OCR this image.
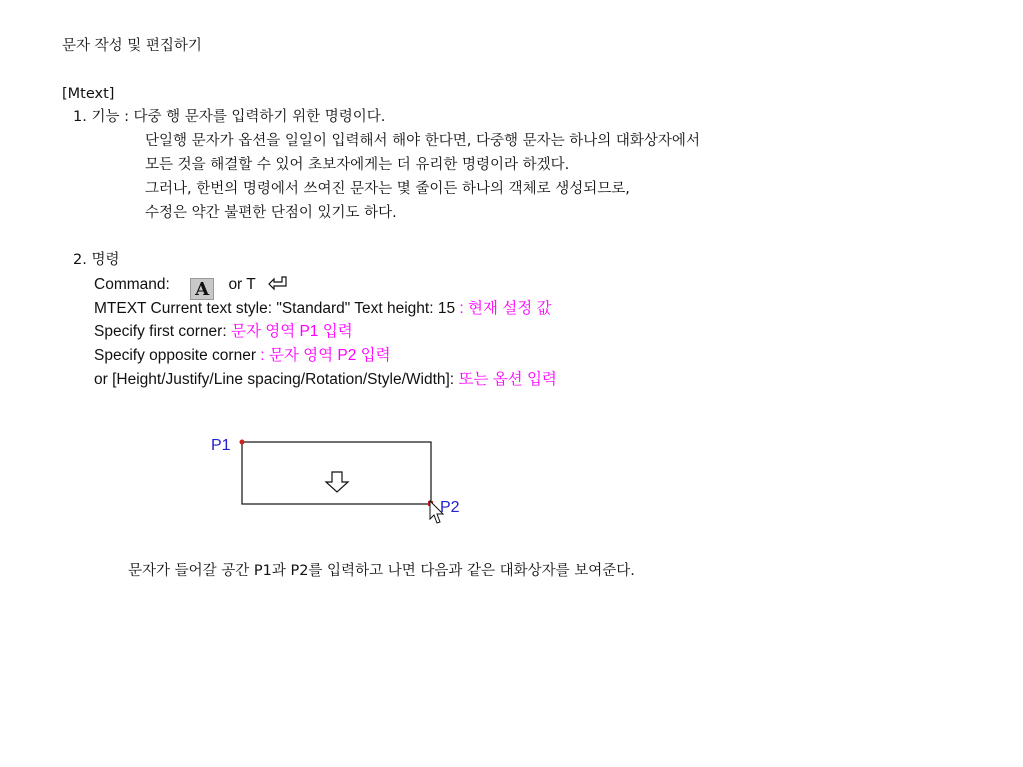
문자 작성 및 편집하기
[Mtext]
1. 기능 : 다중 행 문자를 입력하기 위한 명령이다.
단일행 문자가 옵션을 일일이 입력해서 해야 한다면, 다중행 문자는 하나의 대화상자에서
모든 것을 해결할 수 있어 초보자에게는 더 유리한 명령이라 하겠다.
그러나, 한번의 명령에서 쓰여진 문자는 몇 줄이든 하나의 객체로 생성되므로,
수정은 약간 불편한 단점이 있기도 하다.
2. 명령
Command: A or T
MTEXT Current text style: "Standard" Text height: 15 : 현재 설정 값
Specify first corner: 문자 영역 P1 입력
Specify opposite corner : 문자 영역 P2 입력
or [Height/Justify/Line spacing/Rotation/Style/Width]: 또는 옵션 입력
P1
P2
문자가 들어갈 공간 P1과 P2를 입력하고 나면 다음과 같은 대화상자를 보여준다.
